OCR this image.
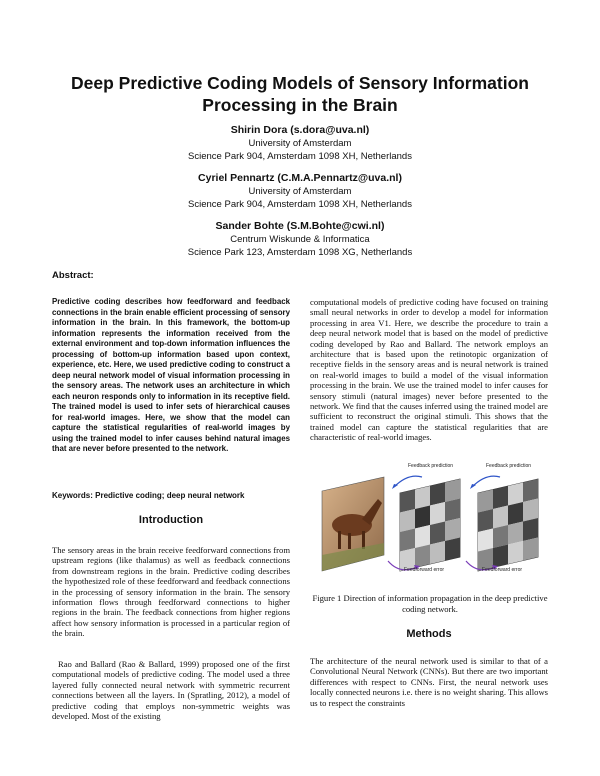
Deep Predictive Coding Models of Sensory Information Processing in the Brain
Shirin Dora (s.dora@uva.nl)
University of Amsterdam
Science Park 904, Amsterdam 1098 XH, Netherlands
Cyriel Pennartz (C.M.A.Pennartz@uva.nl)
University of Amsterdam
Science Park 904, Amsterdam 1098 XH, Netherlands
Sander Bohte (S.M.Bohte@cwi.nl)
Centrum Wiskunde & Informatica
Science Park 123, Amsterdam 1098 XG, Netherlands
Abstract:

Predictive coding describes how feedforward and feedback connections in the brain enable efficient processing of sensory information in the brain. In this framework, the bottom-up information represents the information received from the external environment and top-down information influences the processing of bottom-up information based upon context, experience, etc. Here, we used predictive coding to construct a deep neural network model of visual information processing in the sensory areas. The network uses an architecture in which each neuron responds only to information in its receptive field. The trained model is used to infer sets of hierarchical causes for real-world images. Here, we show that the model can capture the statistical regularities of real-world images by using the trained model to infer causes behind natural images that are never before presented to the network.

Keywords: Predictive coding; deep neural network
Introduction

The sensory areas in the brain receive feedforward connections from upstream regions (like thalamus) as well as feedback connections from downstream regions in the brain. Predictive coding describes the hypothesized role of these feedforward and feedback connections in the processing of sensory information in the brain. The sensory information flows through feedforward connections to higher regions in the brain. The feedback connections from higher regions affect how sensory information is processed in a particular region of the brain.

Rao and Ballard (Rao & Ballard, 1999) proposed one of the first computational models of predictive coding. The model used a three layered fully connected neural network with symmetric recurrent connections between all the layers. In (Spratling, 2012), a model of predictive coding that employs non-symmetric weights was developed. Most of the existing

computational models of predictive coding have focused on training small neural networks in order to develop a model for information processing in area V1. Here, we describe the procedure to train a deep neural network model that is based on the model of predictive coding developed by Rao and Ballard. The network employs an architecture that is based upon the retinotopic organization of receptive fields in the sensory areas and is neural network is trained on real-world images to build a model of the visual information processing in the brain. We use the trained model to infer causes for sensory stimuli (natural images) never before presented to the network. We find that the causes inferred using the trained model are sufficient to reconstruct the original stimuli. This shows that the trained model can capture the statistical regularities that are characteristic of real-world images.

Feedback prediction	Feedback prediction
Feedforward error	Feedforward error

Figure 1 Direction of information propagation in the deep predictive coding network.

Methods

The architecture of the neural network used is similar to that of a Convolutional Neural Network (CNNs). But there are two important differences with respect to CNNs. First, the neural network uses locally connected neurons i.e. there is no weight sharing. This allows us to respect the constraints
